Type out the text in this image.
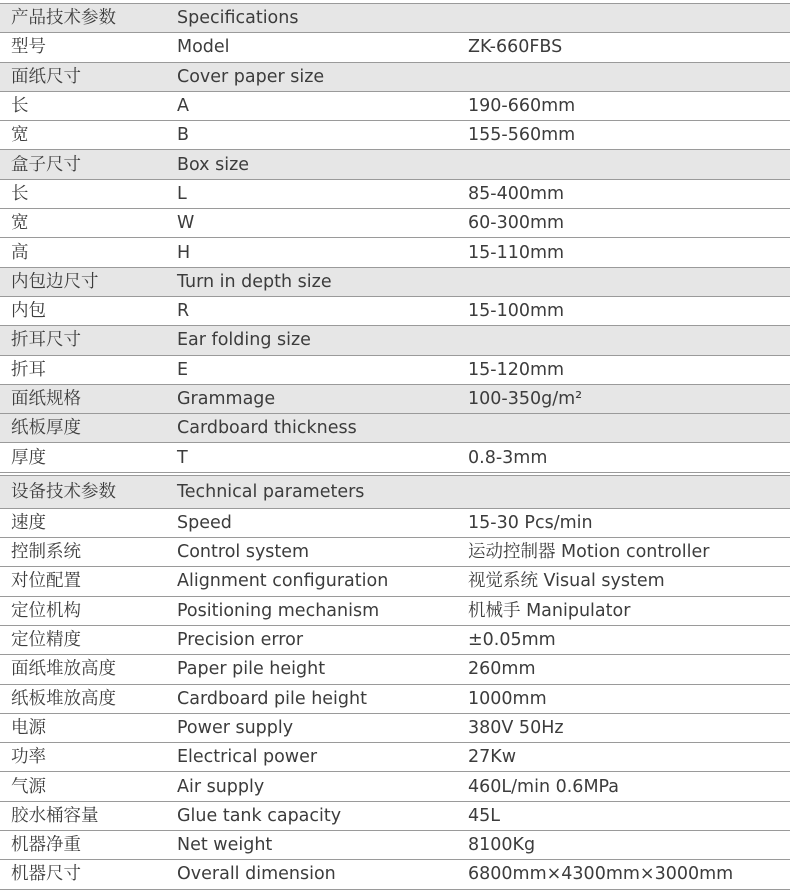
产品技术参数	Specifications	
型号	Model	ZK-660FBS
面纸尺寸	Cover paper size	
长	A	190-660mm
宽	B	155-560mm
盒子尺寸	Box size	
长	L	85-400mm
宽	W	60-300mm
高	H	15-110mm
内包边尺寸	Turn in depth size	
内包	R	15-100mm
折耳尺寸	Ear folding size	
折耳	E	15-120mm
面纸规格	Grammage	100-350g/m²
纸板厚度	Cardboard thickness	
厚度	T	0.8-3mm

设备技术参数	Technical parameters	
速度	Speed	15-30 Pcs/min
控制系统	Control system	运动控制器 Motion controller
对位配置	Alignment configuration	视觉系统 Visual system
定位机构	Positioning mechanism	机械手 Manipulator
定位精度	Precision error	±0.05mm
面纸堆放高度	Paper pile height	260mm
纸板堆放高度	Cardboard pile height	1000mm
电源	Power supply	380V 50Hz
功率	Electrical power	27Kw
气源	Air supply	460L/min 0.6MPa
胶水桶容量	Glue tank capacity	45L
机器净重	Net weight	8100Kg
机器尺寸	Overall dimension	6800mm×4300mm×3000mm
